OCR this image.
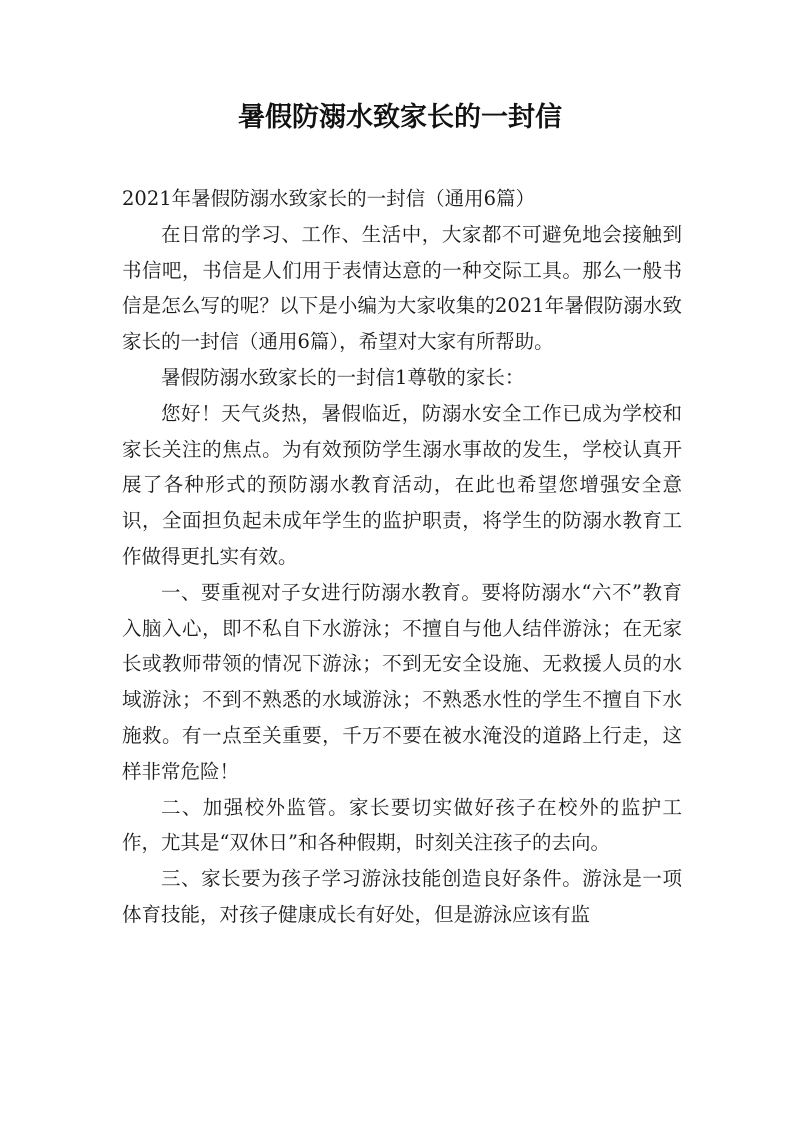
暑假防溺水致家长的一封信

2021年暑假防溺水致家长的一封信（通用6篇）

在日常的学习、工作、生活中，大家都不可避免地会接触到书信吧，书信是人们用于表情达意的一种交际工具。那么一般书信是怎么写的呢？以下是小编为大家收集的2021年暑假防溺水致家长的一封信（通用6篇），希望对大家有所帮助。

暑假防溺水致家长的一封信1尊敬的家长：

您好！天气炎热，暑假临近，防溺水安全工作已成为学校和家长关注的焦点。为有效预防学生溺水事故的发生，学校认真开展了各种形式的预防溺水教育活动，在此也希望您增强安全意识，全面担负起未成年学生的监护职责，将学生的防溺水教育工作做得更扎实有效。

一、要重视对子女进行防溺水教育。要将防溺水“六不”教育入脑入心，即不私自下水游泳；不擅自与他人结伴游泳；在无家长或教师带领的情况下游泳；不到无安全设施、无救援人员的水域游泳；不到不熟悉的水域游泳；不熟悉水性的学生不擅自下水施救。有一点至关重要，千万不要在被水淹没的道路上行走，这样非常危险！

二、加强校外监管。家长要切实做好孩子在校外的监护工作，尤其是“双休日”和各种假期，时刻关注孩子的去向。

三、家长要为孩子学习游泳技能创造良好条件。游泳是一项体育技能，对孩子健康成长有好处，但是游泳应该有监
